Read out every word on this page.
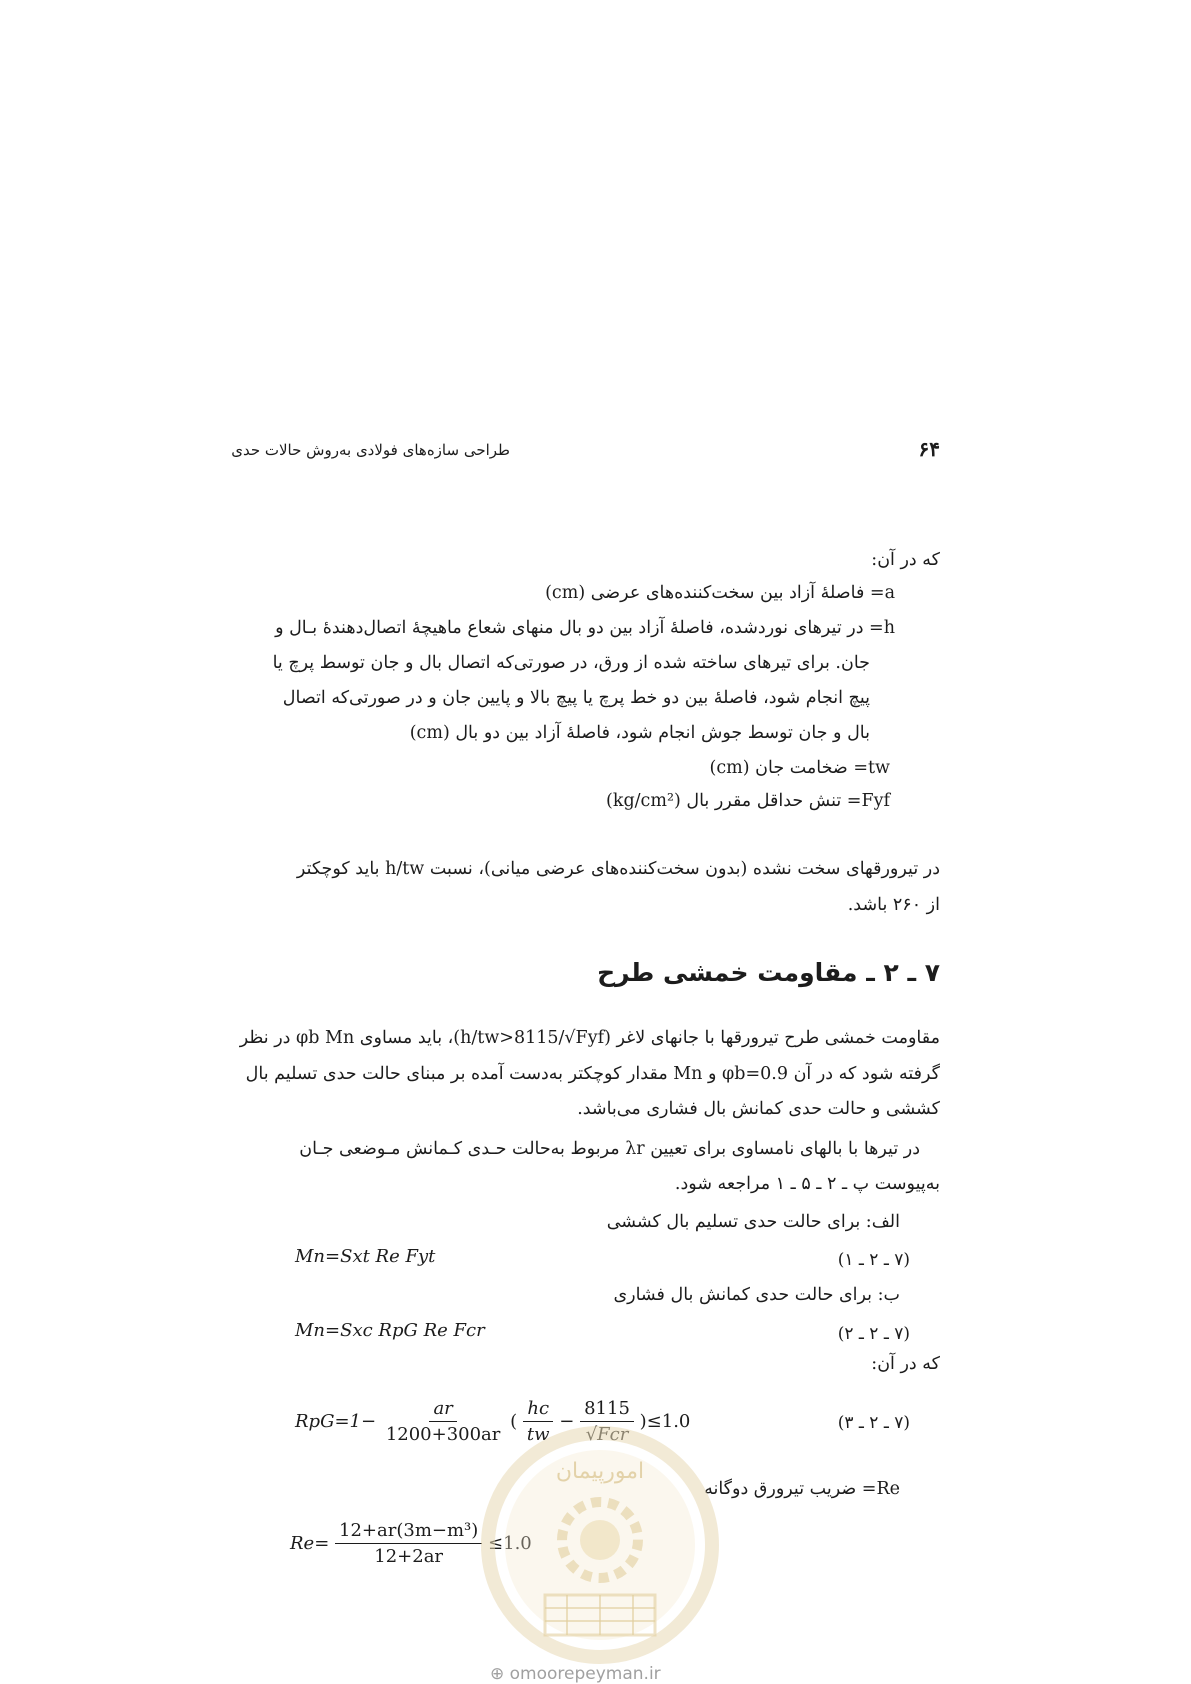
۶۴
طراحی سازه‌های فولادی به‌روش حالات حدی
که در آن:
a= فاصلهٔ آزاد بین سخت‌کننده‌های عرضی (cm)
h= در تیرهای نوردشده، فاصلهٔ آزاد بین دو بال منهای شعاع ماهیچهٔ اتصال‌دهندهٔ بـال و
جان. برای تیرهای ساخته شده از ورق، در صورتی‌که اتصال بال و جان توسط پرچ یا
پیچ انجام شود، فاصلهٔ بین دو خط پرچ یا پیچ بالا و پایین جان و در صورتی‌که اتصال
بال و جان توسط جوش انجام شود، فاصلهٔ آزاد بین دو بال (cm)
tw= ضخامت جان (cm)
Fyf= تنش حداقل مقرر بال (kg/cm²)
در تیرورقهای سخت نشده (بدون سخت‌کننده‌های عرضی میانی)، نسبت h/tw باید کوچکتر
از ۲۶۰ باشد.
۷ ـ ۲ ـ مقاومت خمشی طرح
مقاومت خمشی طرح تیرورقها با جانهای لاغر (h/tw>8115/√Fyf)، باید مساوی φb Mn در نظر
گرفته شود که در آن φb=0.9 و Mn مقدار کوچکتر به‌دست آمده بر مبنای حالت حدی تسلیم بال
کششی و حالت حدی کمانش بال فشاری می‌باشد.
در تیرها با بالهای نامساوی برای تعیین λr مربوط به‌حالت حـدی کـمانش مـوضعی جـان
به‌پیوست پ ـ ۲ ـ ۵ ـ ۱ مراجعه شود.
الف: برای حالت حدی تسلیم بال کششی
Mn=Sxt Re Fyt	(۷ ـ ۲ ـ ۱)
ب: برای حالت حدی کمانش بال فشاری
Mn=Sxc RpG Re Fcr	(۷ ـ ۲ ـ ۲)
که در آن:
$RpG=1- \frac{ar}{1200+300ar}$ ( $\frac{hc}{tw} - \frac{8115}{\text{√Fcr}} )\le 1.0$	(۷ ـ ۲ ـ ۳)
Re= ضریب تیرورق دوگانه
$Re= \frac{\text{12+ar(3m−m³)}}{12+2ar} \le 1.0$
امورپیمان
⊕ omoorepeyman.ir
